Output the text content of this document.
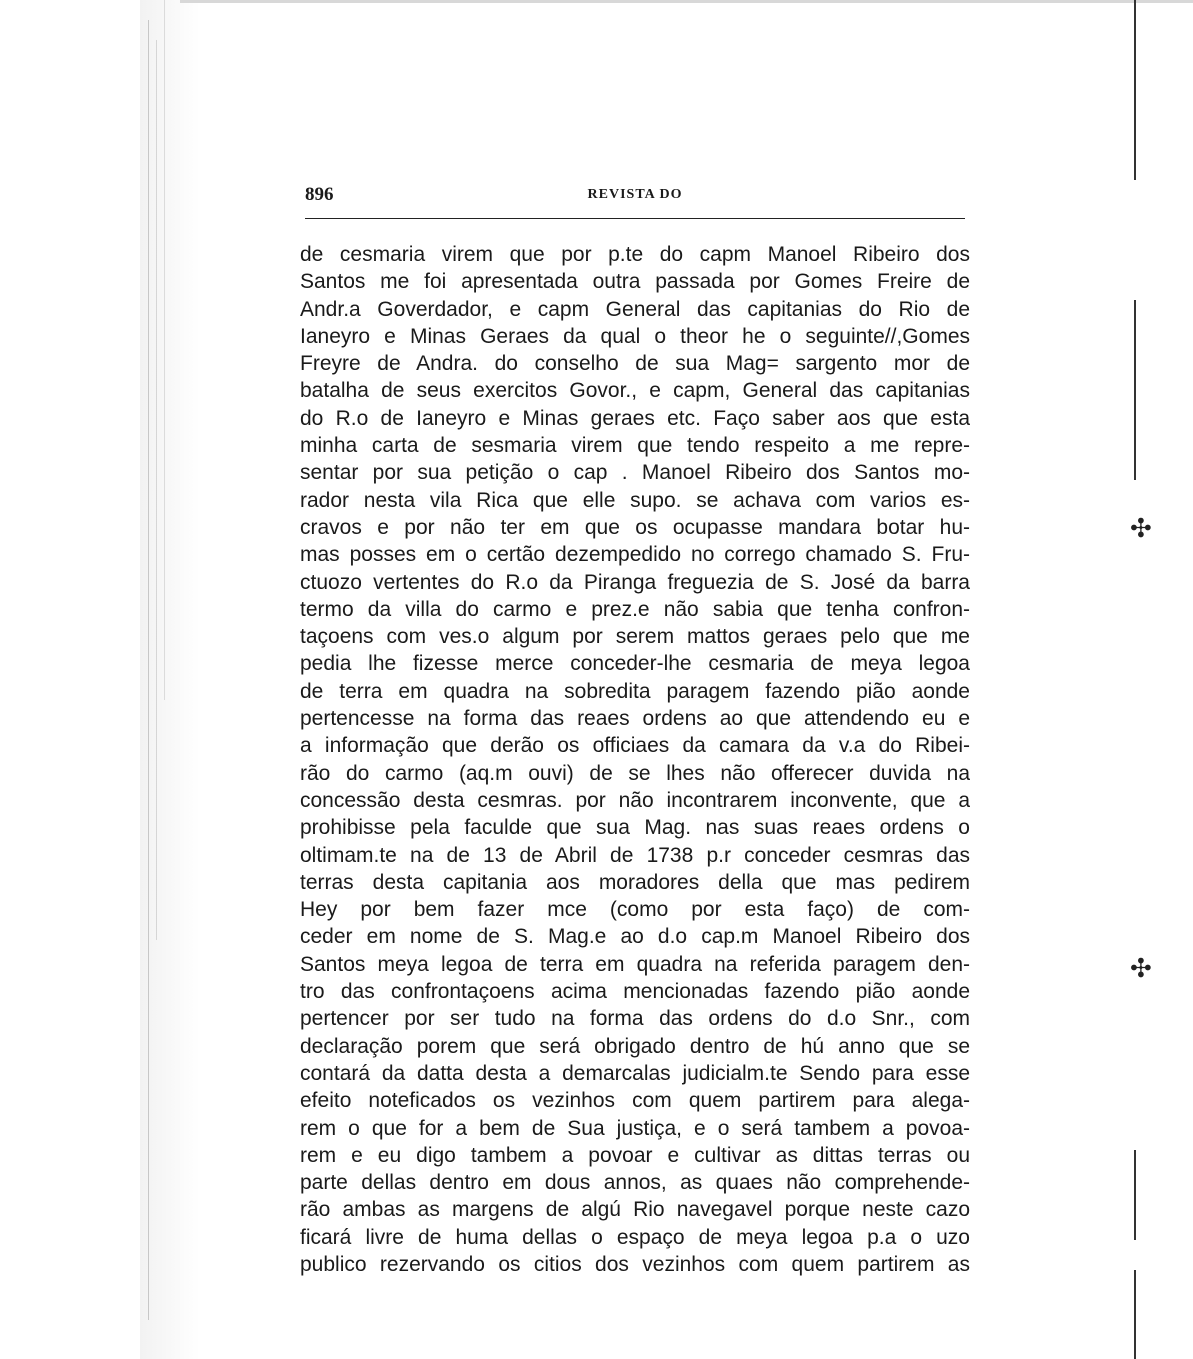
✣
✣
896	REVISTA DO
de cesmaria virem que por p.te do capm Manoel Ribeiro dos
Santos me foi apresentada outra passada por Gomes Freire de
Andr.a Goverdador, e capm General das capitanias do Rio de
Ianeyro e Minas Geraes da qual o theor he o seguinte//,Gomes
Freyre de Andra. do conselho de sua Mag= sargento mor de
batalha de seus exercitos Govor., e capm, General das capitanias
do R.o de Ianeyro e Minas geraes etc. Faço saber aos que esta
minha carta de sesmaria virem que tendo respeito a me repre-
sentar por sua petição o cap . Manoel Ribeiro dos Santos mo-
rador nesta vila Rica que elle supo. se achava com varios es-
cravos e por não ter em que os ocupasse mandara botar hu-
mas posses em o certão dezempedido no corrego chamado S. Fru-
ctuozo vertentes do R.o da Piranga freguezia de S. José da barra
termo da villa do carmo e prez.e não sabia que tenha confron-
taçoens com ves.o algum por serem mattos geraes pelo que me
pedia lhe fizesse merce conceder-lhe cesmaria de meya legoa
de terra em quadra na sobredita paragem fazendo pião aonde
pertencesse na forma das reaes ordens ao que attendendo eu e
a informação que derão os officiaes da camara da v.a do Ribei-
rão do carmo (aq.m ouvi) de se lhes não offerecer duvida na
concessão desta cesmras. por não incontrarem inconvente, que a
prohibisse pela faculde que sua Mag. nas suas reaes ordens o
oltimam.te na de 13 de Abril de 1738 p.r conceder cesmras das
terras desta capitania aos moradores della que mas pedirem
Hey por bem fazer mce (como por esta faço) de com-
ceder em nome de S. Mag.e ao d.o cap.m Manoel Ribeiro dos
Santos meya legoa de terra em quadra na referida paragem den-
tro das confrontaçoens acima mencionadas fazendo pião aonde
pertencer por ser tudo na forma das ordens do d.o Snr., com
declaração porem que será obrigado dentro de hú anno que se
contará da datta desta a demarcalas judicialm.te Sendo para esse
efeito noteficados os vezinhos com quem partirem para alega-
rem o que for a bem de Sua justiça, e o será tambem a povoa-
rem e eu digo tambem a povoar e cultivar as dittas terras ou
parte dellas dentro em dous annos, as quaes não comprehende-
rão ambas as margens de algú Rio navegavel porque neste cazo
ficará livre de huma dellas o espaço de meya legoa p.a o uzo
publico rezervando os citios dos vezinhos com quem partirem as
